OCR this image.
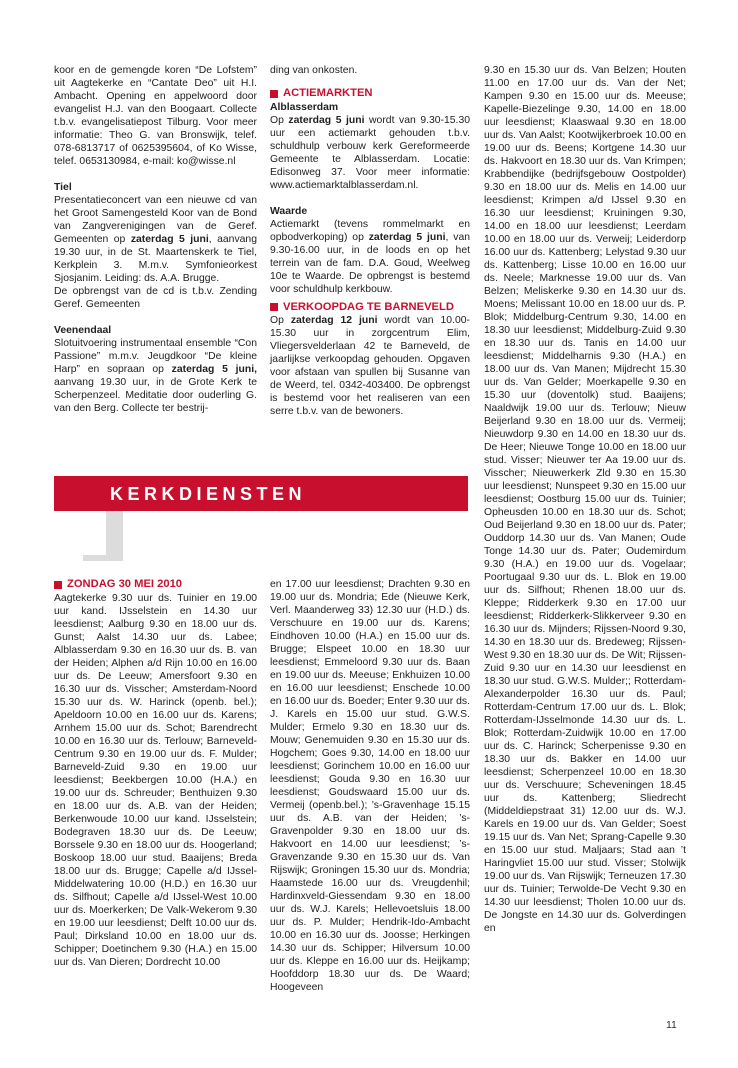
koor en de gemengde koren “De Lofstem” uit Aagtekerke en “Cantate Deo” uit H.I. Ambacht. Opening en appelwoord door evangelist H.J. van den Boogaart. Collecte t.b.v. evangelisatiepost Tilburg. Voor meer informatie: Theo G. van Bronswijk, telef. 078-6813717 of 0625395604, of Ko Wisse, telef. 0653130984, e-mail: ko@wisse.nl

Tiel

Presentatieconcert van een nieuwe cd van het Groot Samengesteld Koor van de Bond van Zangverenigingen van de Geref. Gemeenten op zaterdag 5 juni, aanvang 19.30 uur, in de St. Maartenskerk te Tiel, Kerkplein 3. M.m.v. Symfonieorkest Sjosjanim. Leiding: ds. A.A. Brugge.

De opbrengst van de cd is t.b.v. Zending Geref. Gemeenten

Veenendaal

Slotuitvoering instrumentaal ensemble “Con Passione” m.m.v. Jeugdkoor “De kleine Harp” en sopraan op zaterdag 5 juni, aanvang 19.30 uur, in de Grote Kerk te Scherpenzeel. Meditatie door ouderling G. van den Berg. Collecte ter bestrij-

ding van onkosten.

ACTIEMARKTEN

Alblasserdam

Op zaterdag 5 juni wordt van 9.30-15.30 uur een actiemarkt gehouden t.b.v. schuldhulp verbouw kerk Gereformeerde Gemeente te Alblasserdam. Locatie: Edisonweg 37. Voor meer informatie: www.actiemarktalblasserdam.nl.

Waarde

Actiemarkt (tevens rommelmarkt en opbodverkoping) op zaterdag 5 juni, van 9.30-16.00 uur, in de loods en op het terrein van de fam. D.A. Goud, Weelweg 10e te Waarde. De opbrengst is bestemd voor schuldhulp kerkbouw.

VERKOOPDAG TE BARNEVELD

Op zaterdag 12 juni wordt van 10.00-15.30 uur in zorgcentrum Elim, Vliegersvelderlaan 42 te Barneveld, de jaarlijkse verkoopdag gehouden. Opgaven voor afstaan van spullen bij Susanne van de Weerd, tel. 0342-403400. De opbrengst is bestemd voor het realiseren van een serre t.b.v. van de bewoners.

9.30 en 15.30 uur ds. Van Belzen; Houten 11.00 en 17.00 uur ds. Van der Net; Kampen 9.30 en 15.00 uur ds. Meeuse; Kapelle-Biezelinge 9.30, 14.00 en 18.00 uur leesdienst; Klaaswaal 9.30 en 18.00 uur ds. Van Aalst; Kootwijkerbroek 10.00 en 19.00 uur ds. Beens; Kortgene 14.30 uur ds. Hakvoort en 18.30 uur ds. Van Krimpen; Krabbendijke (bedrijfsgebouw Oostpolder) 9.30 en 18.00 uur ds. Melis en 14.00 uur leesdienst; Krimpen a/d IJssel 9.30 en 16.30 uur leesdienst; Kruiningen 9.30, 14.00 en 18.00 uur leesdienst; Leerdam 10.00 en 18.00 uur ds. Verweij; Leiderdorp 16.00 uur ds. Kattenberg; Lelystad 9.30 uur ds. Kattenberg; Lisse 10.00 en 16.00 uur ds. Neele; Marknesse 19.00 uur ds. Van Belzen; Meliskerke 9.30 en 14.30 uur ds. Moens; Melissant 10.00 en 18.00 uur ds. P. Blok; Middelburg-Centrum 9.30, 14.00 en 18.30 uur leesdienst; Middelburg-Zuid 9.30 en 18.30 uur ds. Tanis en 14.00 uur leesdienst; Middelharnis 9.30 (H.A.) en 18.00 uur ds. Van Manen; Mijdrecht 15.30 uur ds. Van Gelder; Moerkapelle 9.30 en 15.30 uur (doventolk) stud. Baaijens; Naaldwijk 19.00 uur ds. Terlouw; Nieuw Beijerland 9.30 en 18.00 uur ds. Vermeij; Nieuwdorp 9.30 en 14.00 en 18.30 uur ds. De Heer; Nieuwe Tonge 10.00 en 18.00 uur stud. Visser; Nieuwer ter Aa 19.00 uur ds. Visscher; Nieuwerkerk Zld 9.30 en 15.30 uur leesdienst; Nunspeet 9.30 en 15.00 uur leesdienst; Oostburg 15.00 uur ds. Tuinier; Opheusden 10.00 en 18.30 uur ds. Schot; Oud Beijerland 9.30 en 18.00 uur ds. Pater; Ouddorp 14.30 uur ds. Van Manen; Oude Tonge 14.30 uur ds. Pater; Oudemirdum 9.30 (H.A.) en 19.00 uur ds. Vogelaar; Poortugaal 9.30 uur ds. L. Blok en 19.00 uur ds. Silfhout; Rhenen 18.00 uur ds. Kleppe; Ridderkerk 9.30 en 17.00 uur leesdienst; Ridderkerk-Slikkerveer 9.30 en 16.30 uur ds. Mijnders; Rijssen-Noord 9.30, 14.30 en 18.30 uur ds. Bredeweg; Rijssen-West 9.30 en 18.30 uur ds. De Wit; Rijssen-Zuid 9.30 uur en 14.30 uur leesdienst en 18.30 uur stud. G.W.S. Mulder;; Rotterdam-Alexanderpolder 16.30 uur ds. Paul; Rotterdam-Centrum 17.00 uur ds. L. Blok; Rotterdam-IJsselmonde 14.30 uur ds. L. Blok; Rotterdam-Zuidwijk 10.00 en 17.00 uur ds. C. Harinck; Scherpenisse 9.30 en 18.30 uur ds. Bakker en 14.00 uur leesdienst; Scherpenzeel 10.00 en 18.30 uur ds. Verschuure; Scheveningen 18.45 uur ds. Kattenberg; Sliedrecht (Middeldiepstraat 31) 12.00 uur ds. W.J. Karels en 19.00 uur ds. Van Gelder; Soest 19.15 uur ds. Van Net; Sprang-Capelle 9.30 en 15.00 uur stud. Maljaars; Stad aan ’t Haringvliet 15.00 uur stud. Visser; Stolwijk 19.00 uur ds. Van Rijswijk; Terneuzen 17.30 uur ds. Tuinier; Terwolde-De Vecht 9.30 en 14.30 uur leesdienst; Tholen 10.00 uur ds. De Jongste en 14.30 uur ds. Golverdingen en

KERKDIENSTEN
ZONDAG 30 MEI 2010

Aagtekerke 9.30 uur ds. Tuinier en 19.00 uur kand. IJsselstein en 14.30 uur leesdienst; Aalburg 9.30 en 18.00 uur ds. Gunst; Aalst 14.30 uur ds. Labee; Alblasserdam 9.30 en 16.30 uur ds. B. van der Heiden; Alphen a/d Rijn 10.00 en 16.00 uur ds. De Leeuw; Amersfoort 9.30 en 16.30 uur ds. Visscher; Amsterdam-Noord 15.30 uur ds. W. Harinck (openb. bel.); Apeldoorn 10.00 en 16.00 uur ds. Karens; Arnhem 15.00 uur ds. Schot; Barendrecht 10.00 en 16.30 uur ds. Terlouw; Barneveld-Centrum 9.30 en 19.00 uur ds. F. Mulder; Barneveld-Zuid 9.30 en 19.00 uur leesdienst; Beekbergen 10.00 (H.A.) en 19.00 uur ds. Schreuder; Benthuizen 9.30 en 18.00 uur ds. A.B. van der Heiden; Berkenwoude 10.00 uur kand. IJsselstein; Bodegraven 18.30 uur ds. De Leeuw; Borssele 9.30 en 18.00 uur ds. Hoogerland; Boskoop 18.00 uur stud. Baaijens; Breda 18.00 uur ds. Brugge; Capelle a/d IJssel-Middelwatering 10.00 (H.D.) en 16.30 uur ds. Silfhout; Capelle a/d IJssel-West 10.00 uur ds. Moerkerken; De Valk-Wekerom 9.30 en 19.00 uur leesdienst; Delft 10.00 uur ds. Paul; Dirksland 10.00 en 18.00 uur ds. Schipper; Doetinchem 9.30 (H.A.) en 15.00 uur ds. Van Dieren; Dordrecht 10.00

en 17.00 uur leesdienst; Drachten 9.30 en 19.00 uur ds. Mondria; Ede (Nieuwe Kerk, Verl. Maanderweg 33) 12.30 uur (H.D.) ds. Verschuure en 19.00 uur ds. Karens; Eindhoven 10.00 (H.A.) en 15.00 uur ds. Brugge; Elspeet 10.00 en 18.30 uur leesdienst; Emmeloord 9.30 uur ds. Baan en 19.00 uur ds. Meeuse; Enkhuizen 10.00 en 16.00 uur leesdienst; Enschede 10.00 en 16.00 uur ds. Boeder; Enter 9.30 uur ds. J. Karels en 15.00 uur stud. G.W.S. Mulder; Ermelo 9.30 en 18.30 uur ds. Mouw; Genemuiden 9.30 en 15.30 uur ds. Hogchem; Goes 9.30, 14.00 en 18.00 uur leesdienst; Gorinchem 10.00 en 16.00 uur leesdienst; Gouda 9.30 en 16.30 uur leesdienst; Goudswaard 15.00 uur ds. Vermeij (openb.bel.); ’s-Gravenhage 15.15 uur ds. A.B. van der Heiden; ’s-Gravenpolder 9.30 en 18.00 uur ds. Hakvoort en 14.00 uur leesdienst; ’s-Gravenzande 9.30 en 15.30 uur ds. Van Rijswijk; Groningen 15.30 uur ds. Mondria; Haamstede 16.00 uur ds. Vreugdenhil; Hardinxveld-Giessendam 9.30 en 18.00 uur ds. W.J. Karels; Hellevoetsluis 18.00 uur ds. P. Mulder; Hendrik-Ido-Ambacht 10.00 en 16.30 uur ds. Joosse; Herkingen 14.30 uur ds. Schipper; Hilversum 10.00 uur ds. Kleppe en 16.00 uur ds. Heijkamp; Hoofddorp 18.30 uur ds. De Waard; Hoogeveen

11
